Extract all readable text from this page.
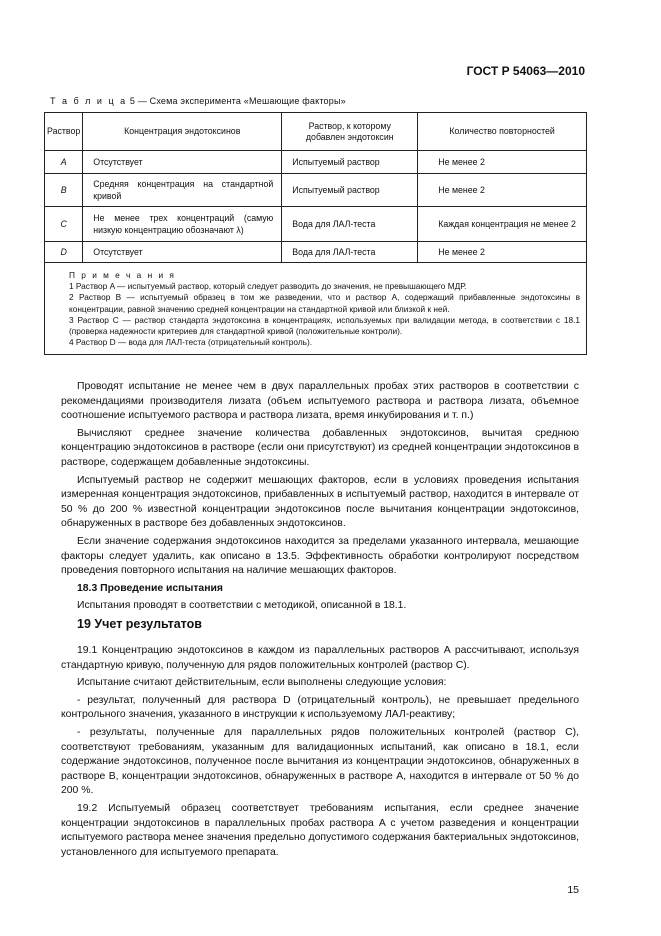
ГОСТ Р 54063—2010
Т а б л и ц а 5 — Схема эксперимента «Мешающие факторы»
Раствор	Концентрация эндотоксинов	Раствор, к которому добавлен эндотоксин	Количество повторностей
A	Отсутствует	Испытуемый раствор	Не менее 2
B	Средняя концентрация на стандартной кривой	Испытуемый раствор	Не менее 2
C	Не менее трех концентраций (самую низкую концентрацию обозначают λ)	Вода для ЛАЛ-теста	Каждая концентрация не менее 2
D	Отсутствует	Вода для ЛАЛ-теста	Не менее 2

П р и м е ч а н и я
1 Раствор A — испытуемый раствор, который следует разводить до значения, не превышающего МДР.
2 Раствор B — испытуемый образец в том же разведении, что и раствор A, содержащий прибавленные эндотоксины в концентрации, равной значению средней концентрации на стандартной кривой или близкой к ней.
3 Раствор C — раствор стандарта эндотоксина в концентрациях, используемых при валидации метода, в соответствии с 18.1 (проверка надежности критериев для стандартной кривой (положительные контроли).
4 Раствор D — вода для ЛАЛ-теста (отрицательный контроль).			

Проводят испытание не менее чем в двух параллельных пробах этих растворов в соответствии с рекомендациями производителя лизата (объем испытуемого раствора и раствора лизата, объемное соотношение испытуемого раствора и раствора лизата, время инкубирования и т. п.)

Вычисляют среднее значение количества добавленных эндотоксинов, вычитая среднюю концентрацию эндотоксинов в растворе (если они присутствуют) из средней концентрации эндотоксинов в растворе, содержащем добавленные эндотоксины.

Испытуемый раствор не содержит мешающих факторов, если в условиях проведения испытания измеренная концентрация эндотоксинов, прибавленных в испытуемый раствор, находится в интервале от 50 % до 200 % известной концентрации эндотоксинов после вычитания концентрации эндотоксинов, обнаруженных в растворе без добавленных эндотоксинов.

Если значение содержания эндотоксинов находится за пределами указанного интервала, мешающие факторы следует удалить, как описано в 13.5. Эффективность обработки контролируют посредством проведения повторного испытания на наличие мешающих факторов.

18.3 Проведение испытания

Испытания проводят в соответствии с методикой, описанной в 18.1.

19 Учет результатов

19.1 Концентрацию эндотоксинов в каждом из параллельных растворов A рассчитывают, используя стандартную кривую, полученную для рядов положительных контролей (раствор C).

Испытание считают действительным, если выполнены следующие условия:

- результат, полученный для раствора D (отрицательный контроль), не превышает предельного контрольного значения, указанного в инструкции к используемому ЛАЛ-реактиву;

- результаты, полученные для параллельных рядов положительных контролей (раствор C), соответствуют требованиям, указанным для валидационных испытаний, как описано в 18.1, если содержание эндотоксинов, полученное после вычитания из концентрации эндотоксинов, обнаруженных в растворе B, концентрации эндотоксинов, обнаруженных в растворе A, находится в интервале от 50 % до 200 %.

19.2 Испытуемый образец соответствует требованиям испытания, если среднее значение концентрации эндотоксинов в параллельных пробах раствора A с учетом разведения и концентрации испытуемого раствора менее значения предельно допустимого содержания бактериальных эндотоксинов, установленного для испытуемого препарата.

15
